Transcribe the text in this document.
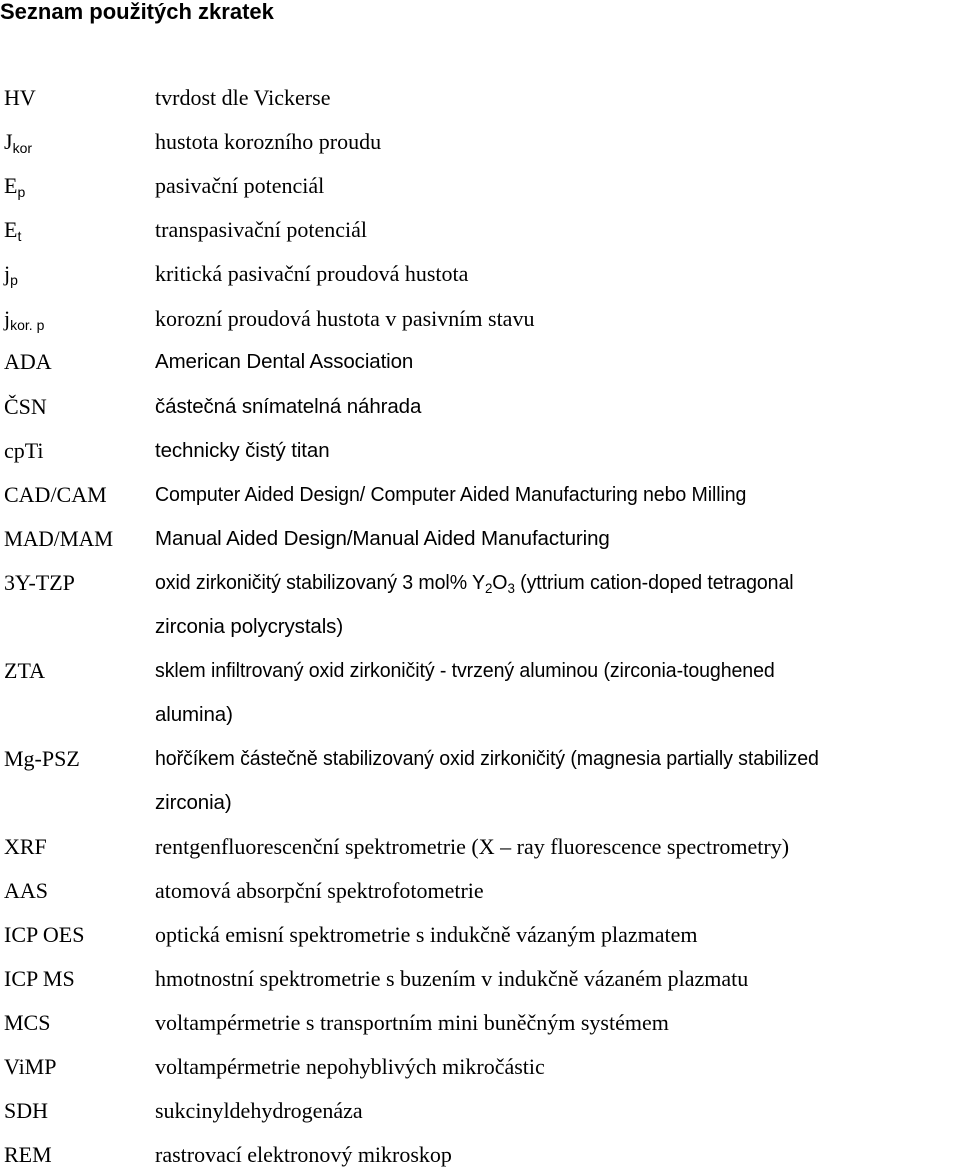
Seznam použitých zkratek
HV	tvrdost dle Vickerse
$J_{kor}$	hustota korozního proudu
$E_p$	pasivační potenciál
$E_t$	transpasivační potenciál
$j_p$	kritická pasivační proudová hustota
$j_{kor. p}$	korozní proudová hustota v pasivním stavu
ADA	American Dental Association
ČSN	částečná snímatelná náhrada
cpTi	technicky čistý titan
CAD/CAM Computer Aided Design/ Computer Aided Manufacturing nebo Milling
MAD/MAM Manual Aided Design/Manual Aided Manufacturing
3Y-TZP	oxid zirkoničitý stabilizovaný 3 mol% $Y_2O_3$ (yttrium cation-doped tetragonal
zirconia polycrystals)
ZTA	sklem infiltrovaný oxid zirkoničitý - tvrzený aluminou (zirconia-toughened
alumina)
Mg-PSZ	hořčíkem částečně stabilizovaný oxid zirkoničitý (magnesia partially stabilized
zirconia)
XRF	rentgenfluorescenční spektrometrie (X – ray fluorescence spectrometry)
AAS	atomová absorpční spektrofotometrie
ICP OES	optická emisní spektrometrie s indukčně vázaným plazmatem
ICP MS	hmotnostní spektrometrie s buzením v indukčně vázaném plazmatu
MCS	voltampérmetrie s transportním mini buněčným systémem
ViMP	voltampérmetrie nepohyblivých mikročástic
SDH	sukcinyldehydrogenáza
REM	rastrovací elektronový mikroskop
